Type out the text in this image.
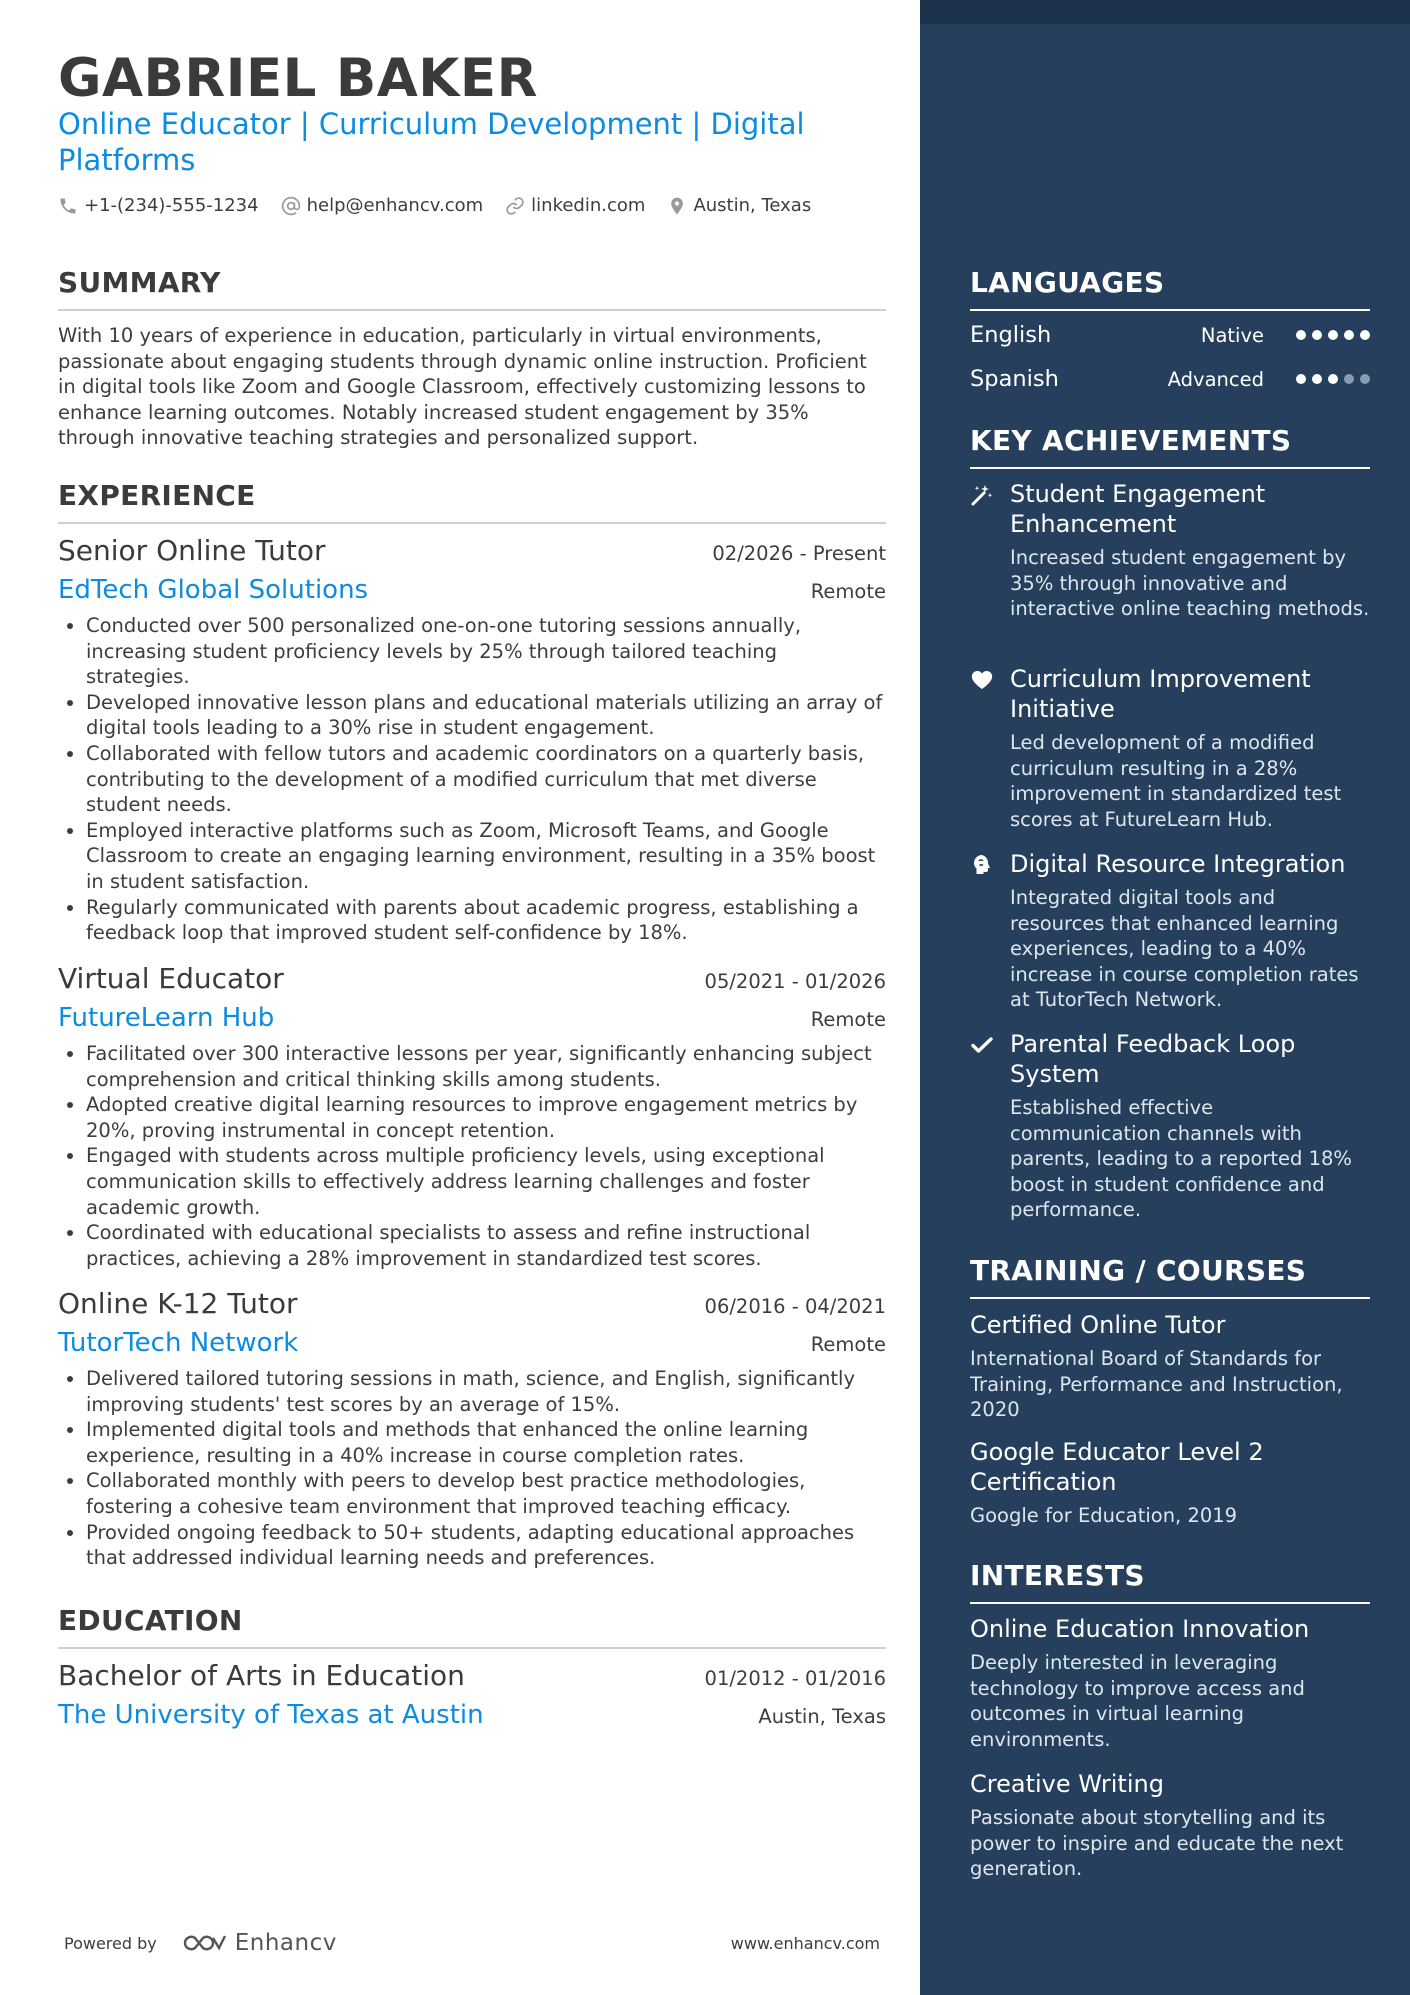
GABRIEL BAKER

Online Educator | Curriculum Development | Digital Platforms

+1-(234)-555-1234	help@enhancv.com	linkedin.com	Austin, Texas
SUMMARY

With 10 years of experience in education, particularly in virtual environments, passionate about engaging students through dynamic online instruction. Proficient in digital tools like Zoom and Google Classroom, effectively customizing lessons to enhance learning outcomes. Notably increased student engagement by 35% through innovative teaching strategies and personalized support.

EXPERIENCE
Senior Online Tutor	02/2026 - Present
EdTech Global Solutions	Remote
• Conducted over 500 personalized one-on-one tutoring sessions annually, increasing student proficiency levels by 25% through tailored teaching strategies.
• Developed innovative lesson plans and educational materials utilizing an array of digital tools leading to a 30% rise in student engagement.
• Collaborated with fellow tutors and academic coordinators on a quarterly basis, contributing to the development of a modified curriculum that met diverse student needs.
• Employed interactive platforms such as Zoom, Microsoft Teams, and Google Classroom to create an engaging learning environment, resulting in a 35% boost in student satisfaction.
• Regularly communicated with parents about academic progress, establishing a feedback loop that improved student self-confidence by 18%.
Virtual Educator	05/2021 - 01/2026
FutureLearn Hub	Remote
• Facilitated over 300 interactive lessons per year, significantly enhancing subject comprehension and critical thinking skills among students.
• Adopted creative digital learning resources to improve engagement metrics by 20%, proving instrumental in concept retention.
• Engaged with students across multiple proficiency levels, using exceptional communication skills to effectively address learning challenges and foster academic growth.
• Coordinated with educational specialists to assess and refine instructional practices, achieving a 28% improvement in standardized test scores.
Online K-12 Tutor	06/2016 - 04/2021
TutorTech Network	Remote
• Delivered tailored tutoring sessions in math, science, and English, significantly improving students' test scores by an average of 15%.
• Implemented digital tools and methods that enhanced the online learning experience, resulting in a 40% increase in course completion rates.
• Collaborated monthly with peers to develop best practice methodologies, fostering a cohesive team environment that improved teaching efficacy.
• Provided ongoing feedback to 50+ students, adapting educational approaches that addressed individual learning needs and preferences.
EDUCATION
Bachelor of Arts in Education	01/2012 - 01/2016
The University of Texas at Austin	Austin, Texas
Powered by	Enhancv	www.enhancv.com
LANGUAGES
English	Native
Spanish	Advanced
KEY ACHIEVEMENTS
Student Engagement Enhancement
Increased student engagement by 35% through innovative and interactive online teaching methods.
Curriculum Improvement Initiative
Led development of a modified curriculum resulting in a 28% improvement in standardized test scores at FutureLearn Hub.
Digital Resource Integration
Integrated digital tools and resources that enhanced learning experiences, leading to a 40% increase in course completion rates at TutorTech Network.
Parental Feedback Loop System
Established effective communication channels with parents, leading to a reported 18% boost in student confidence and performance.
TRAINING / COURSES
Certified Online Tutor
International Board of Standards for Training, Performance and Instruction, 2020
Google Educator Level 2 Certification
Google for Education, 2019
INTERESTS
Online Education Innovation
Deeply interested in leveraging technology to improve access and outcomes in virtual learning environments.
Creative Writing
Passionate about storytelling and its power to inspire and educate the next generation.
